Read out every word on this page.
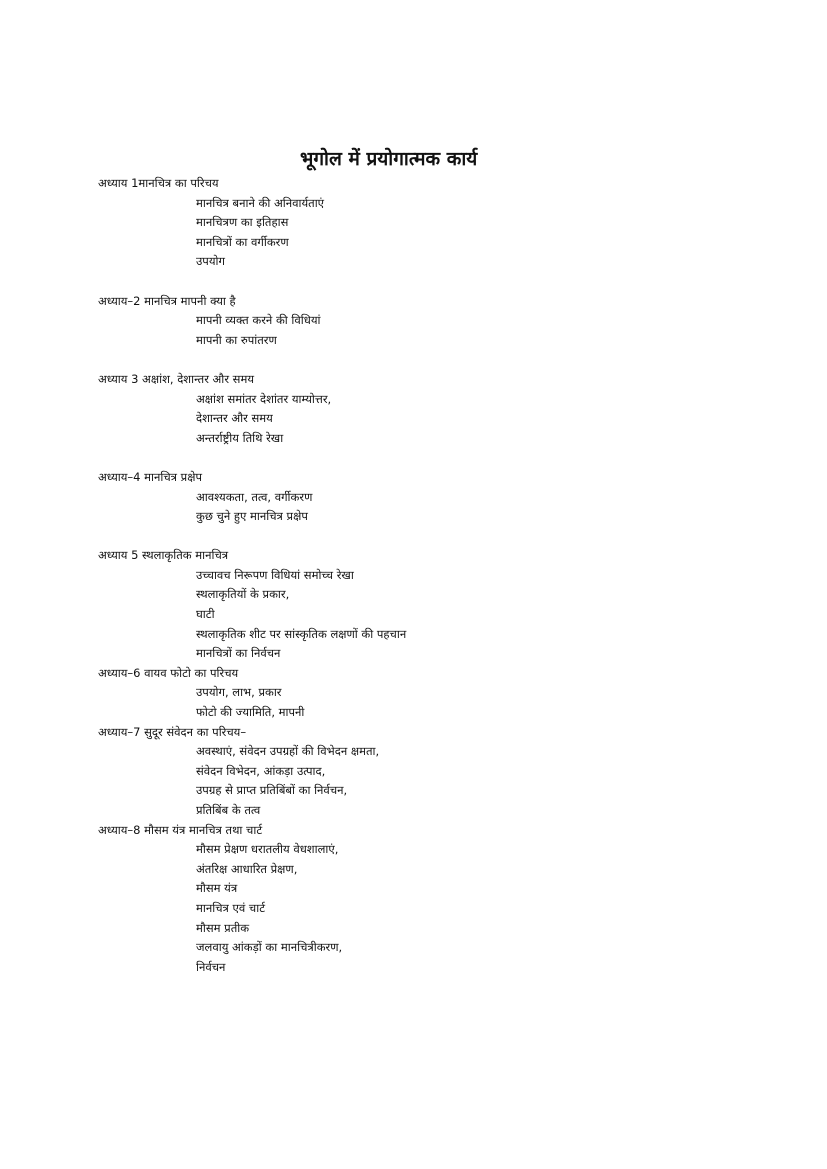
भूगोल में प्रयोगात्मक कार्य
अध्याय 1मानचित्र का परिचय
मानचित्र बनाने की अनिवार्यताएं
मानचित्रण का इतिहास
मानचित्रों का वर्गीकरण
उपयोग
अध्याय–2 मानचित्र मापनी क्या है
मापनी व्यक्त करने की विधियां
मापनी का रुपांतरण
अध्याय 3 अक्षांश, देशान्तर और समय
अक्षांश समांतर देशांतर याम्योत्तर,
देशान्तर और समय
अन्तर्राष्ट्रीय तिथि रेखा
अध्याय–4 मानचित्र प्रक्षेप
आवश्यकता, तत्व, वर्गीकरण
कुछ चुने हुए मानचित्र प्रक्षेप
अध्याय 5 स्थलाकृतिक मानचित्र
उच्चावच निरूपण विधियां समोच्च रेखा
स्थलाकृतियों के प्रकार,
घाटी
स्थलाकृतिक शीट पर सांस्कृतिक लक्षणों की पहचान
मानचित्रों का निर्वचन
अध्याय–6 वायव फोटो का परिचय
उपयोग, लाभ, प्रकार
फोटो की ज्यामिति, मापनी
अध्याय–7 सुदूर संवेदन का परिचय–
अवस्थाएं, संवेदन उपग्रहों की विभेदन क्षमता,
संवेदन विभेदन, आंकड़ा उत्पाद,
उपग्रह से प्राप्त प्रतिबिंबों का निर्वचन,
प्रतिबिंब के तत्व
अध्याय–8 मौसम यंत्र मानचित्र तथा चार्ट
मौसम प्रेक्षण धरातलीय वेधशालाएं,
अंतरिक्ष आधारित प्रेक्षण,
मौसम यंत्र
मानचित्र एवं चार्ट
मौसम प्रतीक
जलवायु आंकड़ों का मानचित्रीकरण,
निर्वचन
